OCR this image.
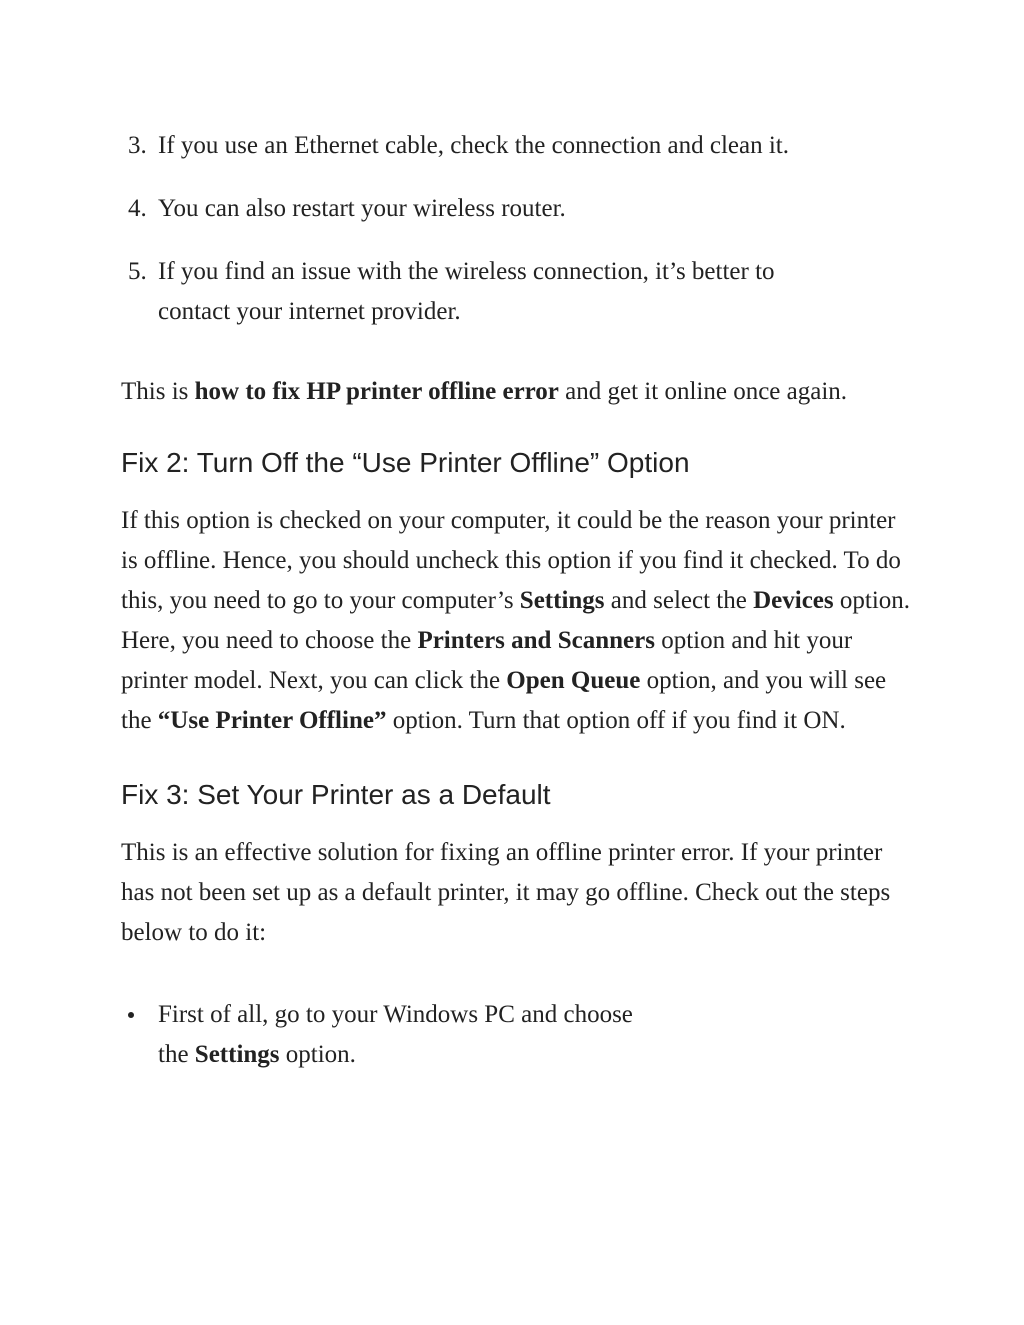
3. If you use an Ethernet cable, check the connection and clean it.
4. You can also restart your wireless router.
5. If you find an issue with the wireless connection, it’s better to
contact your internet provider.

This is how to fix HP printer offline error and get it online once again.

Fix 2: Turn Off the “Use Printer Offline” Option

If this option is checked on your computer, it could be the reason your printer is offline. Hence, you should uncheck this option if you find it checked. To do this, you need to go to your computer’s Settings and select the Devices option. Here, you need to choose the Printers and Scanners option and hit your printer model. Next, you can click the Open Queue option, and you will see the “Use Printer Offline” option. Turn that option off if you find it ON.

Fix 3: Set Your Printer as a Default

This is an effective solution for fixing an offline printer error. If your printer has not been set up as a default printer, it may go offline. Check out the steps below to do it:

First of all, go to your Windows PC and choose
the Settings option.
